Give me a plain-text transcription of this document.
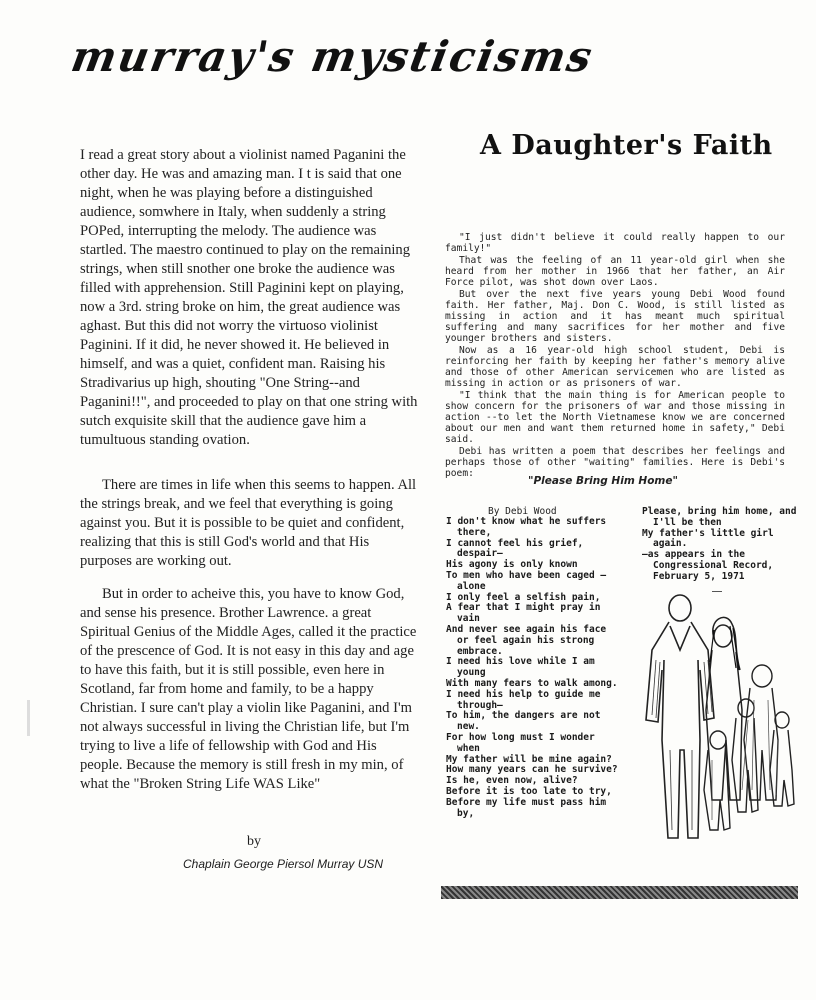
murray's mysticisms

I read a great story about a violinist named Paganini the other day. He was and amazing man. I t is said that one night, when he was playing before a distinguished audience, somwhere in Italy, when suddenly a string POPed, interrupting the melody. The audience was startled. The maestro continued to play on the remaining strings, when still snother one broke the audience was filled with apprehension. Still Paginini kept on playing, now a 3rd. string broke on him, the great audience was aghast. But this did not worry the virtuoso violinist Paginini. If it did, he never showed it. He believed in himself, and was a quiet, confident man. Raising his Stradivarius up high, shouting "One String--and Paganini!!", and proceeded to play on that one string with sutch exquisite skill that the audience gave him a tumultuous standing ovation.

There are times in life when this seems to happen. All the strings break, and we feel that everything is going against you. But it is possible to be quiet and confident, realizing that this is still God's world and that His purposes are working out.

But in order to acheive this, you have to know God, and sense his presence. Brother Lawrence. a great Spiritual Genius of the Middle Ages, called it the practice of the prescence of God. It is not easy in this day and age to have this faith, but it is still possible, even here in Scotland, far from home and family, to be a happy Christian. I sure can't play a violin like Paganini, and I'm not always successful in living the Christian life, but I'm trying to live a life of fellowship with God and His people. Because the memory is still fresh in my min, of what the "Broken String Life WAS Like"

by
Chaplain George Piersol Murray USN
A Daughter's Faith

"I just didn't believe it could really happen to our family!"

That was the feeling of an 11 year-old girl when she heard from her mother in 1966 that her father, an Air Force pilot, was shot down over Laos.

But over the next five years young Debi Wood found faith. Her father, Maj. Don C. Wood, is still listed as missing in action and it has meant much spiritual suffering and many sacrifices for her mother and five younger brothers and sisters.

Now as a 16 year-old high school student, Debi is reinforcing her faith by keeping her father's memory alive and those of other American servicemen who are listed as missing in action or as prisoners of war.

"I think that the main thing is for American people to show concern for the prisoners of war and those missing in action --to let the North Vietnamese know we are concerned about our men and want them returned home in safety," Debi said.

Debi has written a poem that describes her feelings and perhaps those of other "waiting" families. Here is Debi's poem:

"Please Bring Him Home"
By Debi Wood
I don't know what he suffers there,
I cannot feel his grief, despair—
His agony is only known
To men who have been caged — alone
I only feel a selfish pain,
A fear that I might pray in vain
And never see again his face or feel again his strong embrace.
I need his love while I am young
With many fears to walk among.
I need his help to guide me through—
To him, the dangers are not new.
For how long must I wonder when
My father will be mine again?
How many years can he survive?
Is he, even now, alive?
Before it is too late to try,
Before my life must pass him by,
Please, bring him home, and I'll be then
My father's little girl again.
—as appears in the Congressional Record, February 5, 1971
